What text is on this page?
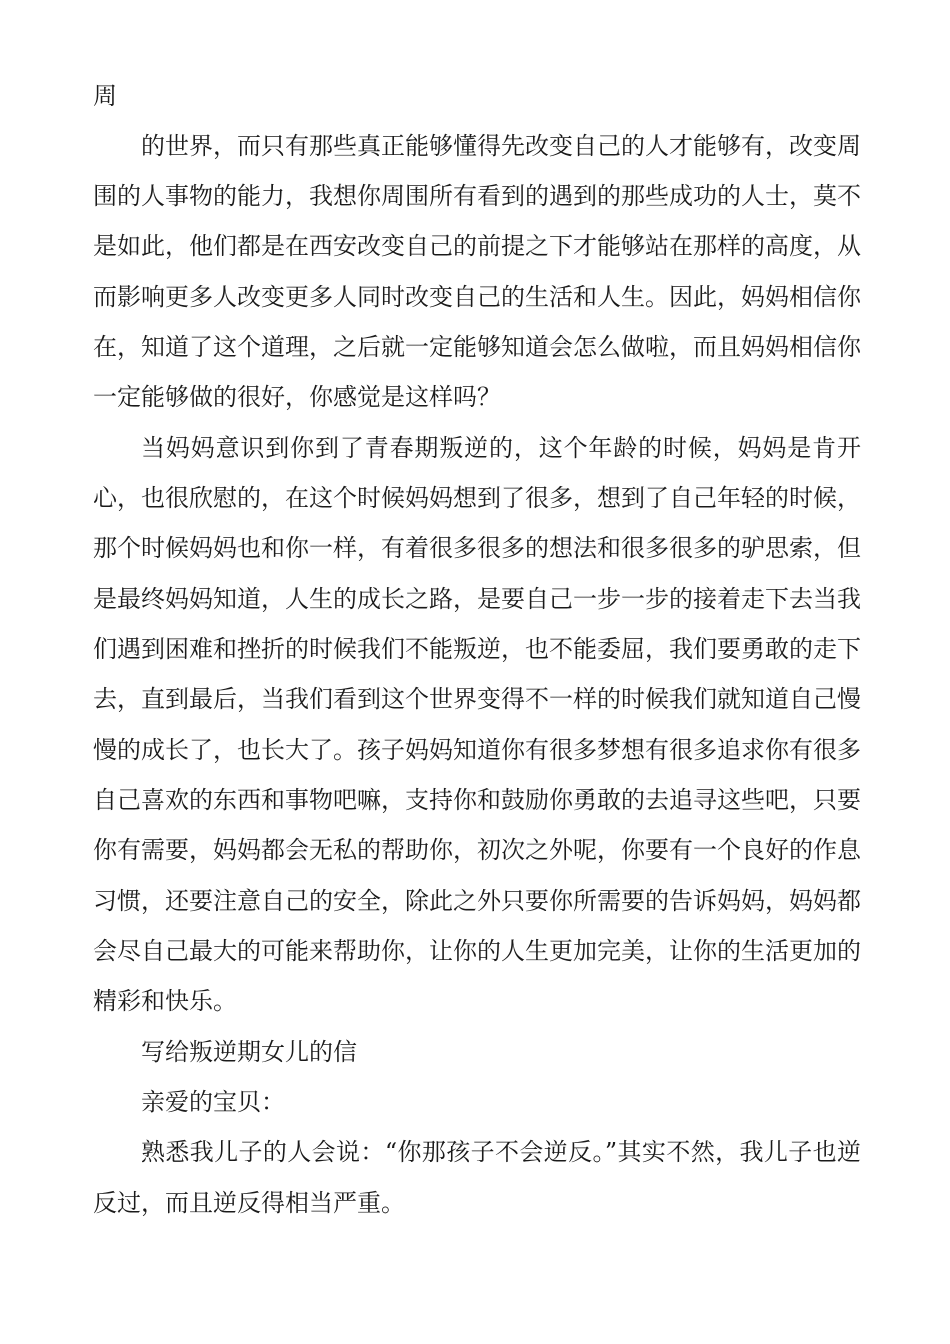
周
的世界，而只有那些真正能够懂得先改变自己的人才能够有，改变周
围的人事物的能力，我想你周围所有看到的遇到的那些成功的人士，莫不
是如此，他们都是在西安改变自己的前提之下才能够站在那样的高度，从
而影响更多人改变更多人同时改变自己的生活和人生。因此，妈妈相信你
在，知道了这个道理，之后就一定能够知道会怎么做啦，而且妈妈相信你
一定能够做的很好，你感觉是这样吗？
当妈妈意识到你到了青春期叛逆的，这个年龄的时候，妈妈是肯开
心，也很欣慰的，在这个时候妈妈想到了很多，想到了自己年轻的时候，
那个时候妈妈也和你一样，有着很多很多的想法和很多很多的驴思索，但
是最终妈妈知道，人生的成长之路，是要自己一步一步的接着走下去当我
们遇到困难和挫折的时候我们不能叛逆，也不能委屈，我们要勇敢的走下
去，直到最后，当我们看到这个世界变得不一样的时候我们就知道自己慢
慢的成长了，也长大了。孩子妈妈知道你有很多梦想有很多追求你有很多
自己喜欢的东西和事物吧嘛，支持你和鼓励你勇敢的去追寻这些吧，只要
你有需要，妈妈都会无私的帮助你，初次之外呢，你要有一个良好的作息
习惯，还要注意自己的安全，除此之外只要你所需要的告诉妈妈，妈妈都
会尽自己最大的可能来帮助你，让你的人生更加完美，让你的生活更加的
精彩和快乐。
写给叛逆期女儿的信
亲爱的宝贝：
熟悉我儿子的人会说：“你那孩子不会逆反。”其实不然，我儿子也逆
反过，而且逆反得相当严重。
